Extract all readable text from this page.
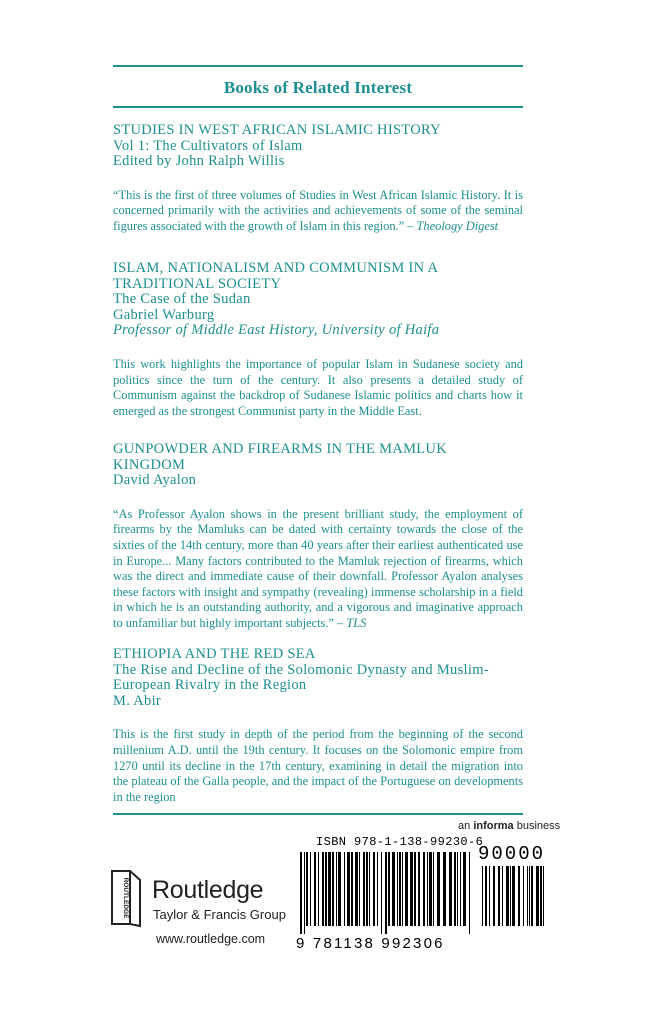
Books of Related Interest
STUDIES IN WEST AFRICAN ISLAMIC HISTORY
Vol 1: The Cultivators of Islam
Edited by John Ralph Willis
“This is the first of three volumes of Studies in West African Islamic History. It is concerned primarily with the activities and achievements of some of the seminal figures associated with the growth of Islam in this region.” – Theology Digest
ISLAM, NATIONALISM AND COMMUNISM IN A
TRADITIONAL SOCIETY
The Case of the Sudan
Gabriel Warburg
Professor of Middle East History, University of Haifa
This work highlights the importance of popular Islam in Sudanese society and politics since the turn of the century. It also presents a detailed study of Communism against the backdrop of Sudanese Islamic politics and charts how it emerged as the strongest Communist party in the Middle East.
GUNPOWDER AND FIREARMS IN THE MAMLUK
KINGDOM
David Ayalon
“As Professor Ayalon shows in the present brilliant study, the employment of firearms by the Mamluks can be dated with certainty towards the close of the sixties of the 14th century, more than 40 years after their earliest authenticated use in Europe... Many factors contributed to the Mamluk rejection of firearms, which was the direct and immediate cause of their downfall. Professor Ayalon analyses these factors with insight and sympathy (revealing) immense scholarship in a field in which he is an outstanding authority, and a vigorous and imaginative approach to unfamiliar but highly important subjects.” – TLS
ETHIOPIA AND THE RED SEA
The Rise and Decline of the Solomonic Dynasty and Muslim-
European Rivalry in the Region
M. Abir
This is the first study in depth of the period from the beginning of the second millenium A.D. until the 19th century. It focuses on the Solomonic empire from 1270 until its decline in the 17th century, examining in detail the migration into the plateau of the Galla people, and the impact of the Portuguese on developments in the region
an informa business
ROUTLEDGE Routledge
Taylor & Francis Group
www.routledge.com
ISBN 978-1-138-99230-6
90000
9 781138 992306
